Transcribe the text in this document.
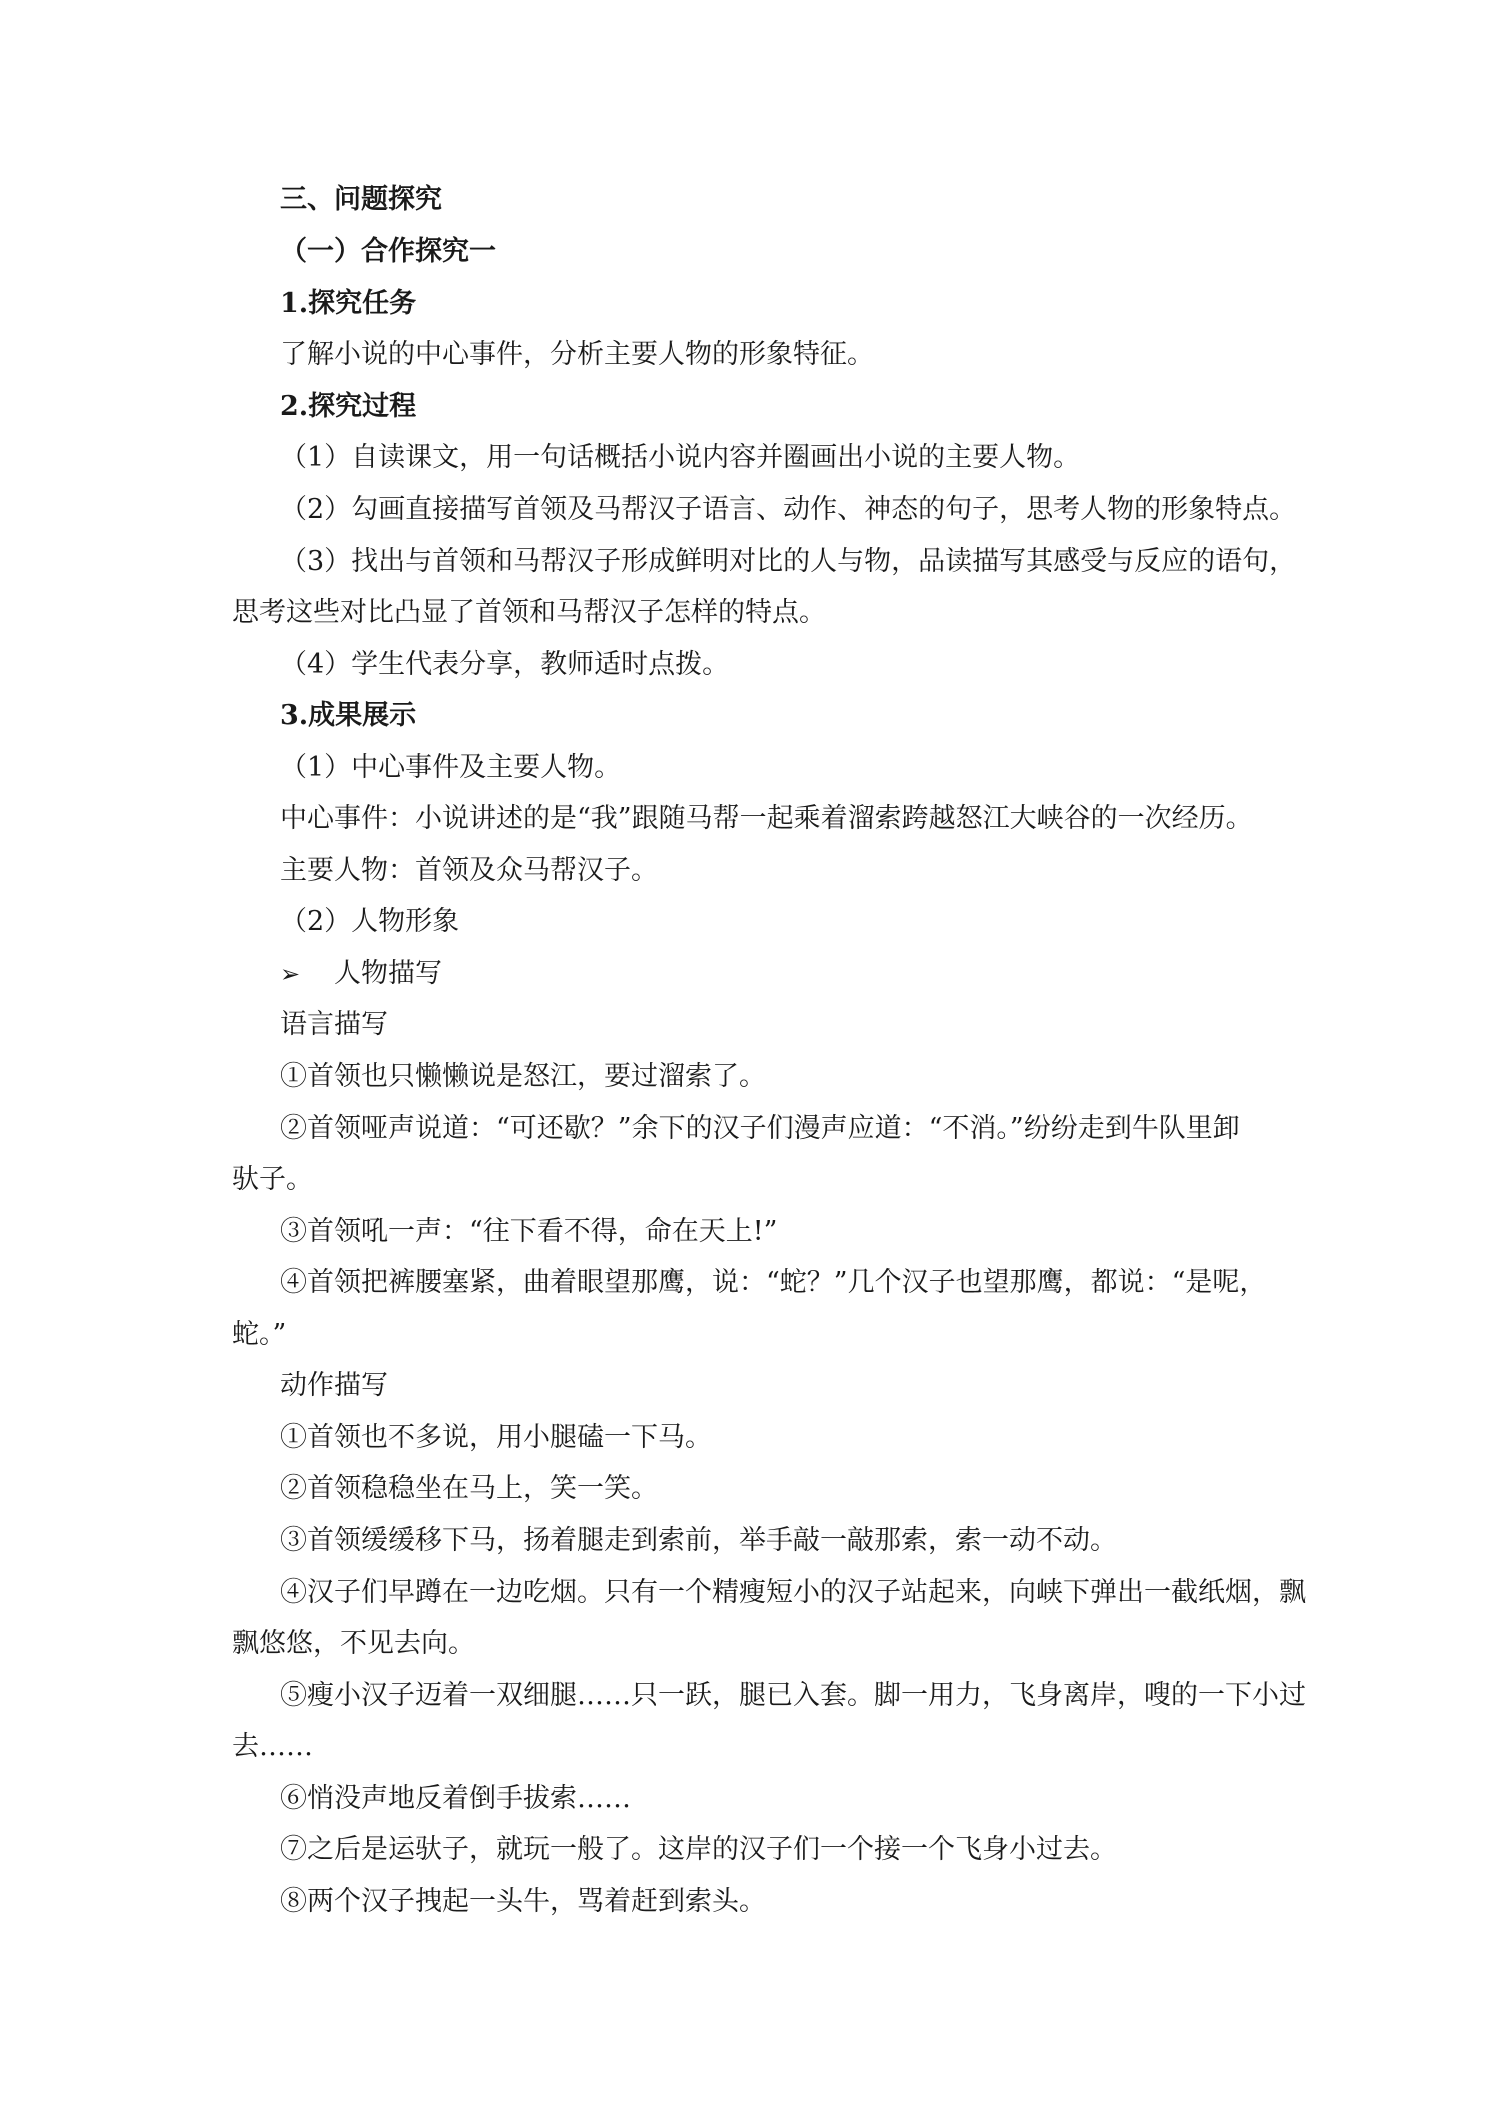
三、问题探究
（一）合作探究一
1.探究任务
了解小说的中心事件，分析主要人物的形象特征。
2.探究过程
（1）自读课文，用一句话概括小说内容并圈画出小说的主要人物。
（2）勾画直接描写首领及马帮汉子语言、动作、神态的句子，思考人物的形象特点。
（3）找出与首领和马帮汉子形成鲜明对比的人与物，品读描写其感受与反应的语句，
思考这些对比凸显了首领和马帮汉子怎样的特点。
（4）学生代表分享，教师适时点拨。
3.成果展示
（1）中心事件及主要人物。
中心事件：小说讲述的是“我”跟随马帮一起乘着溜索跨越怒江大峡谷的一次经历。
主要人物：首领及众马帮汉子。
（2）人物形象
➢ 人物描写
语言描写
①首领也只懒懒说是怒江，要过溜索了。
②首领哑声说道：“可还歇？”余下的汉子们漫声应道：“不消。”纷纷走到牛队里卸
驮子。
③首领吼一声：“往下看不得，命在天上!”
④首领把裤腰塞紧，曲着眼望那鹰，说：“蛇？”几个汉子也望那鹰，都说：“是呢，
蛇。”
动作描写
①首领也不多说，用小腿磕一下马。
②首领稳稳坐在马上，笑一笑。
③首领缓缓移下马，扬着腿走到索前，举手敲一敲那索，索一动不动。
④汉子们早蹲在一边吃烟。只有一个精瘦短小的汉子站起来，向峡下弹出一截纸烟，飘
飘悠悠，不见去向。
⑤瘦小汉子迈着一双细腿……只一跃，腿已入套。脚一用力，飞身离岸，嗖的一下小过
去……
⑥悄没声地反着倒手拔索……
⑦之后是运驮子，就玩一般了。这岸的汉子们一个接一个飞身小过去。
⑧两个汉子拽起一头牛，骂着赶到索头。
